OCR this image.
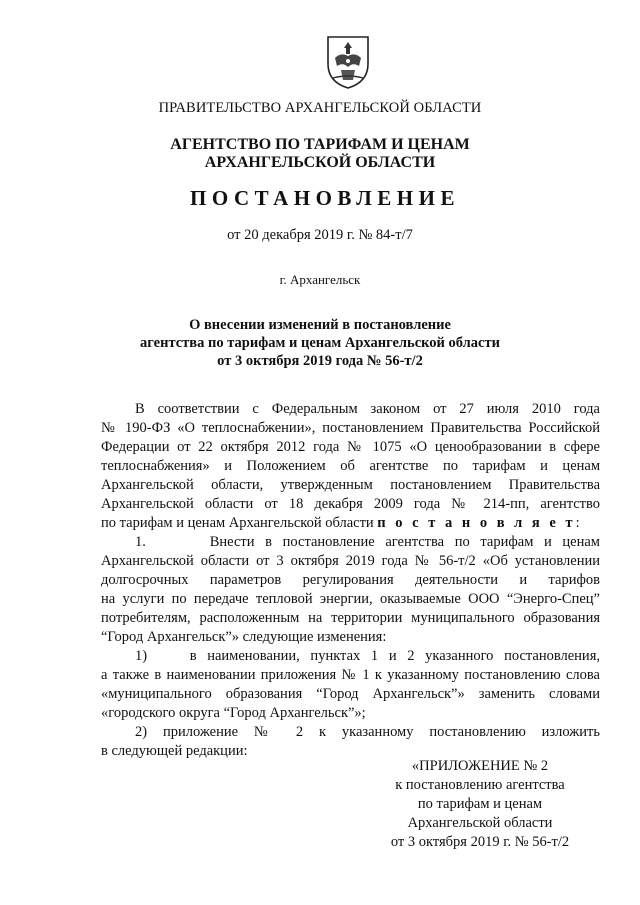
ПРАВИТЕЛЬСТВО АРХАНГЕЛЬСКОЙ ОБЛАСТИ
АГЕНТСТВО ПО ТАРИФАМ И ЦЕНАМ
АРХАНГЕЛЬСКОЙ ОБЛАСТИ
ПОСТАНОВЛЕНИЕ
от 20 декабря 2019 г. № 84-т/7
г. Архангельск
О внесении изменений в постановление
агентства по тарифам и ценам Архангельской области
от 3 октября 2019 года № 56-т/2
В соответствии с Федеральным законом от 27 июля 2010 года
№ 190-ФЗ «О теплоснабжении», постановлением Правительства Российской
Федерации от 22 октября 2012 года № 1075 «О ценообразовании в сфере
теплоснабжения» и Положением об агентстве по тарифам и ценам
Архангельской области, утвержденным постановлением Правительства
Архангельской области от 18 декабря 2009 года № 214-пп, агентство
по тарифам и ценам Архангельской области п о с т а н о в л я е т:
1.      Внести в постановление агентства по тарифам и ценам
Архангельской области от 3 октября 2019 года № 56-т/2 «Об установлении
долгосрочных параметров регулирования деятельности и тарифов
на услуги по передаче тепловой энергии, оказываемые ООО “Энерго-Спец”
потребителям, расположенным на территории муниципального образования
“Город Архангельск”» следующие изменения:
1)    в наименовании, пунктах 1 и 2 указанного постановления,
а также в наименовании приложения № 1 к указанному постановлению слова
«муниципального образования “Город Архангельск”» заменить словами
«городского округа “Город Архангельск”»;
2) приложение № 2 к указанному постановлению изложить
в следующей редакции:
«ПРИЛОЖЕНИЕ № 2
к постановлению агентства
по тарифам и ценам
Архангельской области
от 3 октября 2019 г. № 56-т/2
